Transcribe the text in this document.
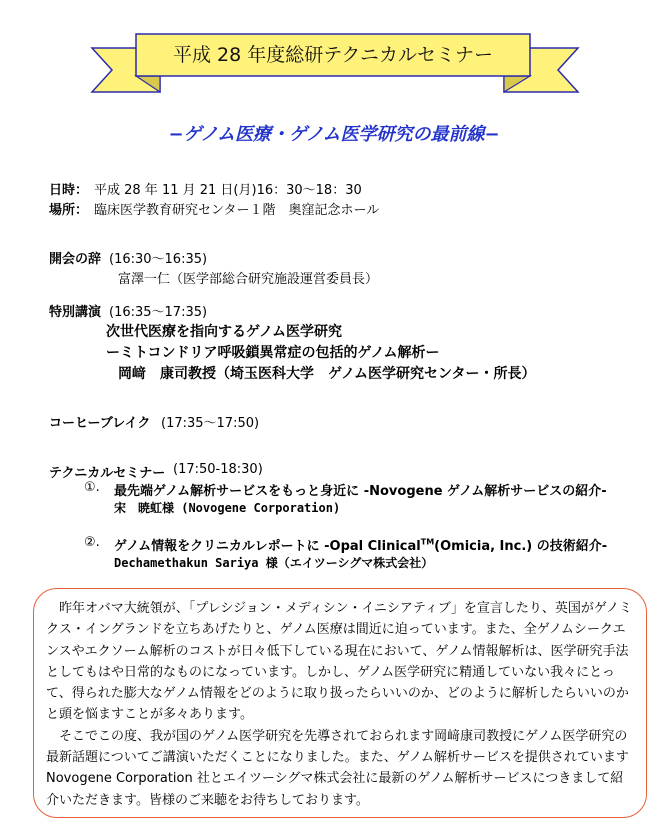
平成 28 年度総研テクニカルセミナー
−ゲノム医療・ゲノム医学研究の最前線−
日時： 平成 28 年 11 月 21 日(月)16：30〜18：30
場所： 臨床医学教育研究センター１階　奥窪記念ホール
開会の辞 (16:30〜16:35)
富澤一仁（医学部総合研究施設運営委員長）
特別講演 (16:35〜17:35)
次世代医療を指向するゲノム医学研究
ーミトコンドリア呼吸鎖異常症の包括的ゲノム解析ー
岡﨑　康司教授（埼玉医科大学　ゲノム医学研究センター・所長）
コーヒーブレイク (17:35〜17:50)
テクニカルセミナー (17:50-18:30)
①. 最先端ゲノム解析サービスをもっと身近に -Novogene ゲノム解析サービスの紹介-
宋　暁虹様 (Novogene Corporation)
②. ゲノム情報をクリニカルレポートに -Opal Clinical™(Omicia, Inc.) の技術紹介-
Dechamethakun Sariya 様（エイツーシグマ株式会社）

昨年オバマ大統領が、「プレシジョン・メディシン・イニシアティブ」を宣言したり、英国がゲノミクス・イングランドを立ちあげたりと、ゲノム医療は間近に迫っています。また、全ゲノムシークエンスやエクソーム解析のコストが日々低下している現在において、ゲノム情報解析は、医学研究手法としてもはや日常的なものになっています。しかし、ゲノム医学研究に精通していない我々にとって、得られた膨大なゲノム情報をどのように取り扱ったらいいのか、どのように解析したらいいのかと頭を悩ますことが多々あります。

そこでこの度、我が国のゲノム医学研究を先導されておられます岡﨑康司教授にゲノム医学研究の最新話題についてご講演いただくことになりました。また、ゲノム解析サービスを提供されています Novogene Corporation 社とエイツーシグマ株式会社に最新のゲノム解析サービスにつきまして紹介いただきます。皆様のご来聴をお待ちしております。
